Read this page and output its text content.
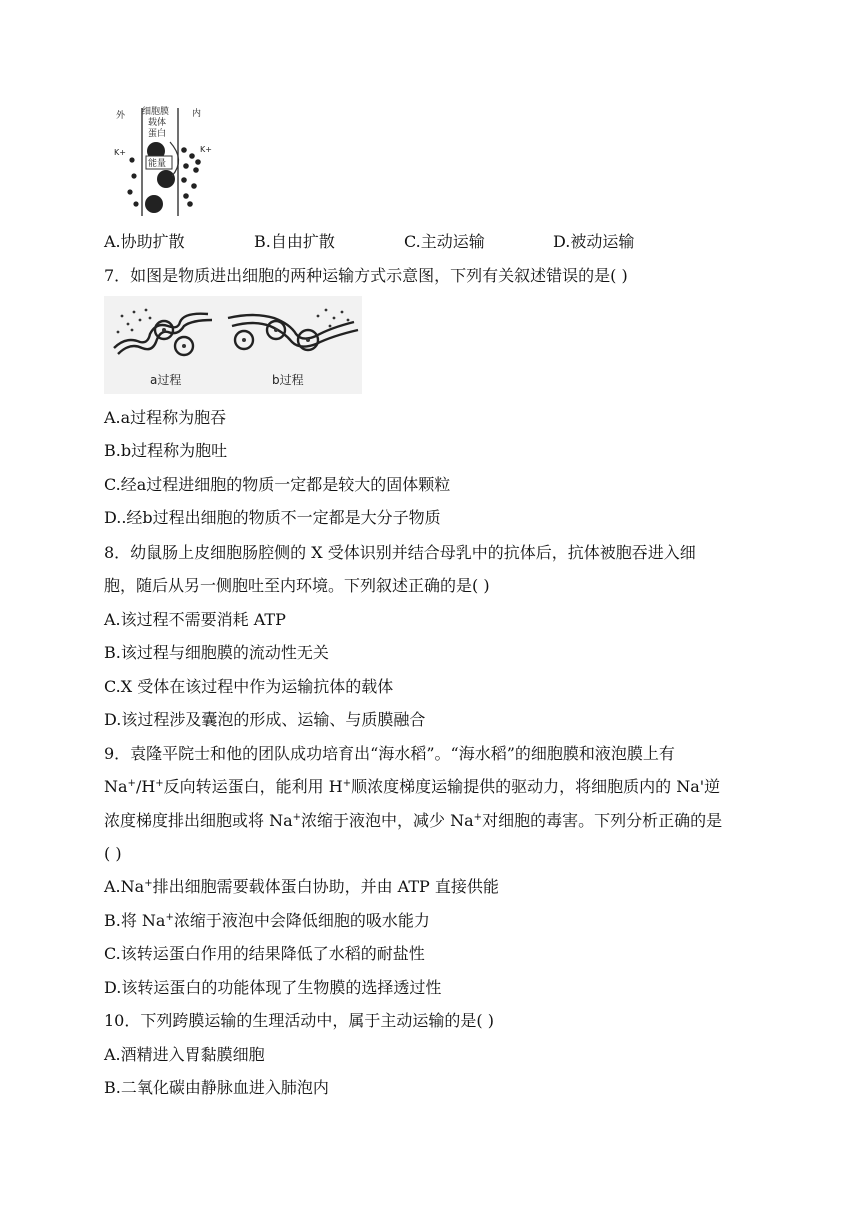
外 细胞膜
载体
蛋白
内
K+	K+
能量
A.协助扩散	B.自由扩散	C.主动运输	D.被动运输
7．如图是物质进出细胞的两种运输方式示意图，下列有关叙述错误的是( )
a过程	b过程
A.a过程称为胞吞
B.b过程称为胞吐
C.经a过程进细胞的物质一定都是较大的固体颗粒
D..经b过程出细胞的物质不一定都是大分子物质
8．幼鼠肠上皮细胞肠腔侧的 X 受体识别并结合母乳中的抗体后，抗体被胞吞进入细
胞，随后从另一侧胞吐至内环境。下列叙述正确的是( )
A.该过程不需要消耗 ATP
B.该过程与细胞膜的流动性无关
C.X 受体在该过程中作为运输抗体的载体
D.该过程涉及囊泡的形成、运输、与质膜融合
9．袁隆平院士和他的团队成功培育出“海水稻”。“海水稻”的细胞膜和液泡膜上有
Na+/H+反向转运蛋白，能利用 H+顺浓度梯度运输提供的驱动力，将细胞质内的 Na'逆
浓度梯度排出细胞或将 Na+浓缩于液泡中，减少 Na+对细胞的毒害。下列分析正确的是
( )
A.Na+排出细胞需要载体蛋白协助，并由 ATP 直接供能
B.将 Na+浓缩于液泡中会降低细胞的吸水能力
C.该转运蛋白作用的结果降低了水稻的耐盐性
D.该转运蛋白的功能体现了生物膜的选择透过性
10．下列跨膜运输的生理活动中，属于主动运输的是( )
A.酒精进入胃黏膜细胞
B.二氧化碳由静脉血进入肺泡内
